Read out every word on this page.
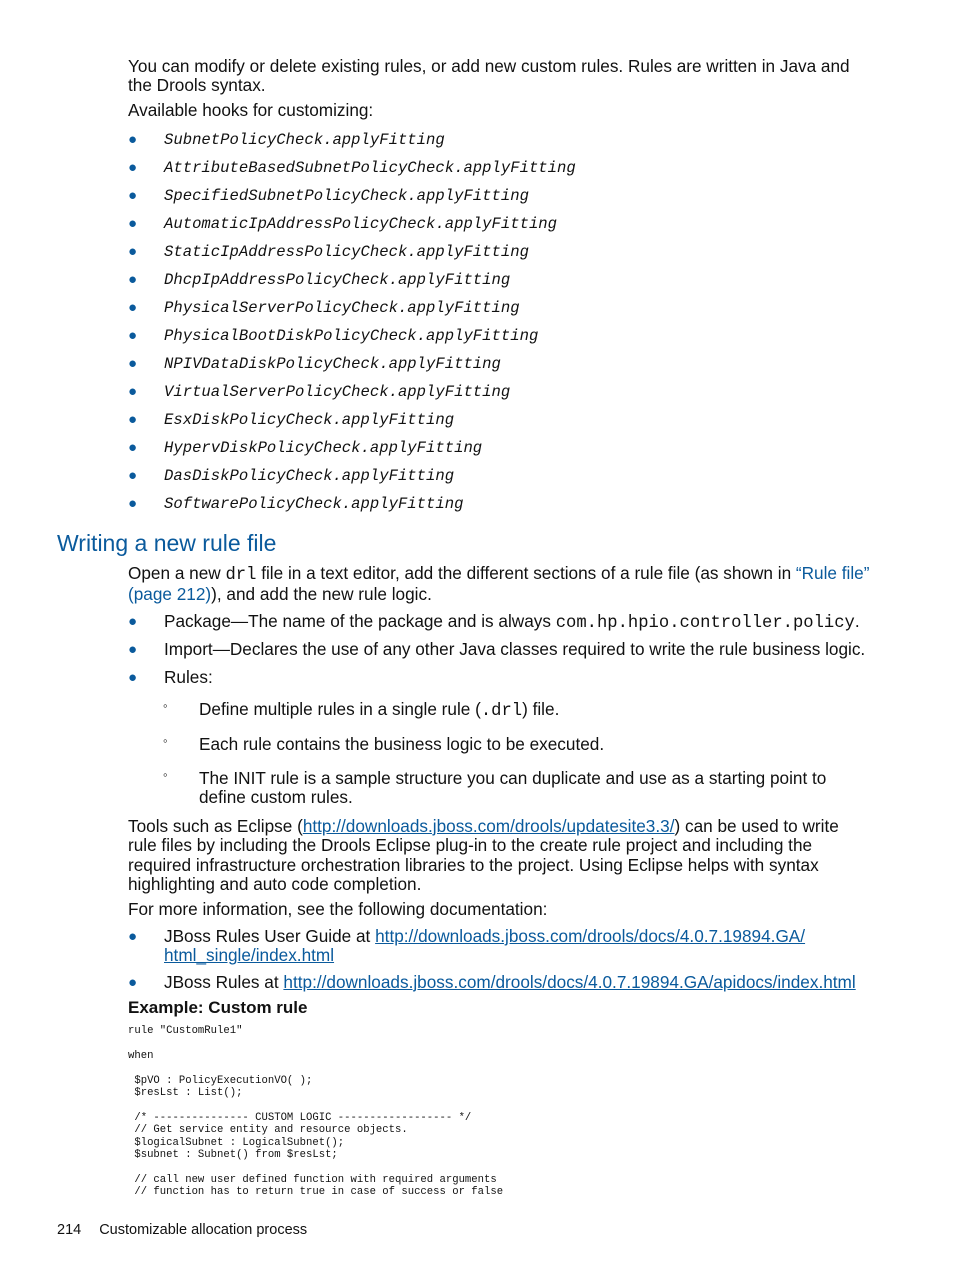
You can modify or delete existing rules, or add new custom rules. Rules are written in Java and the Drools syntax.
Available hooks for customizing:
● SubnetPolicyCheck.applyFitting
● AttributeBasedSubnetPolicyCheck.applyFitting
● SpecifiedSubnetPolicyCheck.applyFitting
● AutomaticIpAddressPolicyCheck.applyFitting
● StaticIpAddressPolicyCheck.applyFitting
● DhcpIpAddressPolicyCheck.applyFitting
● PhysicalServerPolicyCheck.applyFitting
● PhysicalBootDiskPolicyCheck.applyFitting
● NPIVDataDiskPolicyCheck.applyFitting
● VirtualServerPolicyCheck.applyFitting
● EsxDiskPolicyCheck.applyFitting
● HypervDiskPolicyCheck.applyFitting
● DasDiskPolicyCheck.applyFitting
● SoftwarePolicyCheck.applyFitting
Writing a new rule file
Open a new drl file in a text editor, add the different sections of a rule file (as shown in “Rule file” (page 212)), and add the new rule logic.
● Package—The name of the package and is always com.hp.hpio.controller.policy.
● Import—Declares the use of any other Java classes required to write the rule business logic.
● Rules:
◦ Define multiple rules in a single rule (.drl) file.
◦ Each rule contains the business logic to be executed.
◦ The INIT rule is a sample structure you can duplicate and use as a starting point to define custom rules.
Tools such as Eclipse (http://downloads.jboss.com/drools/updatesite3.3/) can be used to write rule files by including the Drools Eclipse plug-in to the create rule project and including the required infrastructure orchestration libraries to the project. Using Eclipse helps with syntax highlighting and auto code completion.
For more information, see the following documentation:
● JBoss Rules User Guide at http://downloads.jboss.com/drools/docs/4.0.7.19894.GA/ html_single/index.html
● JBoss Rules at http://downloads.jboss.com/drools/docs/4.0.7.19894.GA/apidocs/index.html
Example: Custom rule
rule "CustomRule1"

when

$pVO : PolicyExecutionVO( );
$resLst : List();

/* --------------- CUSTOM LOGIC ------------------ */
// Get service entity and resource objects.
$logicalSubnet : LogicalSubnet();
$subnet : Subnet() from $resLst;

// call new user defined function with required arguments
// function has to return true in case of success or false
214 Customizable allocation process
